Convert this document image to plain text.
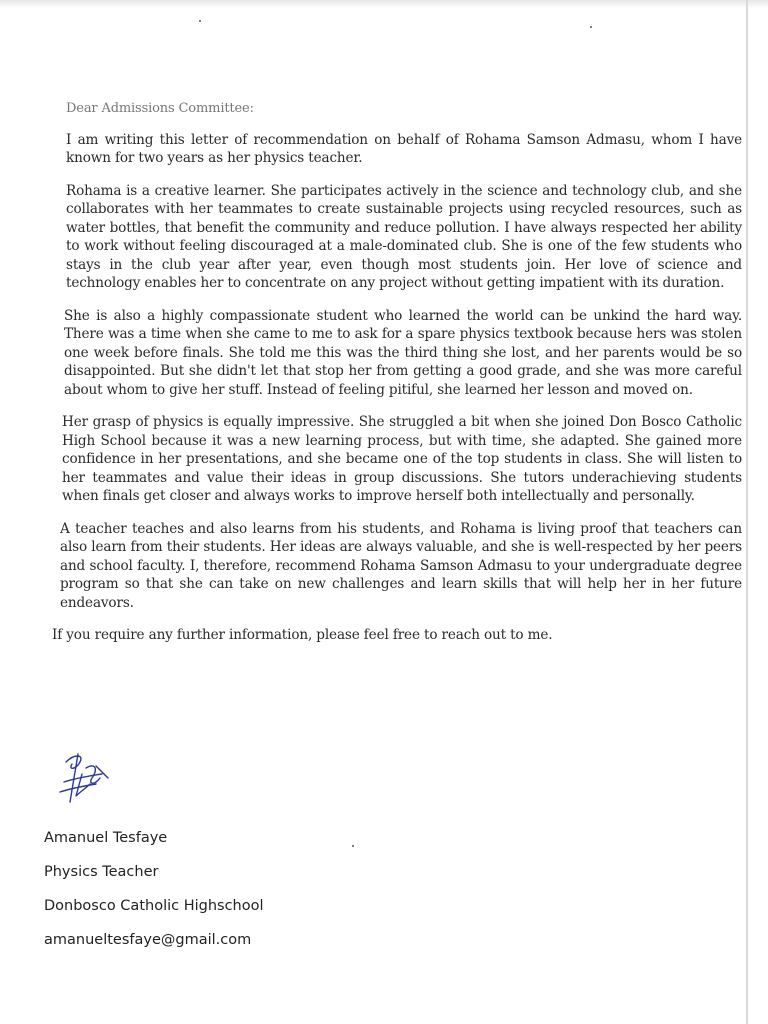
Dear Admissions Committee:

I am writing this letter of recommendation on behalf of Rohama Samson Admasu, whom I have known for two years as her physics teacher.

Rohama is a creative learner. She participates actively in the science and technology club, and she collaborates with her teammates to create sustainable projects using recycled resources, such as water bottles, that benefit the community and reduce pollution. I have always respected her ability to work without feeling discouraged at a male-dominated club. She is one of the few students who stays in the club year after year, even though most students join. Her love of science and technology enables her to concentrate on any project without getting impatient with its duration.

She is also a highly compassionate student who learned the world can be unkind the hard way. There was a time when she came to me to ask for a spare physics textbook because hers was stolen one week before finals. She told me this was the third thing she lost, and her parents would be so disappointed. But she didn't let that stop her from getting a good grade, and she was more careful about whom to give her stuff. Instead of feeling pitiful, she learned her lesson and moved on.

Her grasp of physics is equally impressive. She struggled a bit when she joined Don Bosco Catholic High School because it was a new learning process, but with time, she adapted. She gained more confidence in her presentations, and she became one of the top students in class. She will listen to her teammates and value their ideas in group discussions. She tutors underachieving students when finals get closer and always works to improve herself both intellectually and personally.

A teacher teaches and also learns from his students, and Rohama is living proof that teachers can also learn from their students. Her ideas are always valuable, and she is well-respected by her peers and school faculty. I, therefore, recommend Rohama Samson Admasu to your undergraduate degree program so that she can take on new challenges and learn skills that will help her in her future endeavors.

If you require any further information, please feel free to reach out to me.

Amanuel Tesfaye
Physics Teacher
Donbosco Catholic Highschool
amanueltesfaye@gmail.com
